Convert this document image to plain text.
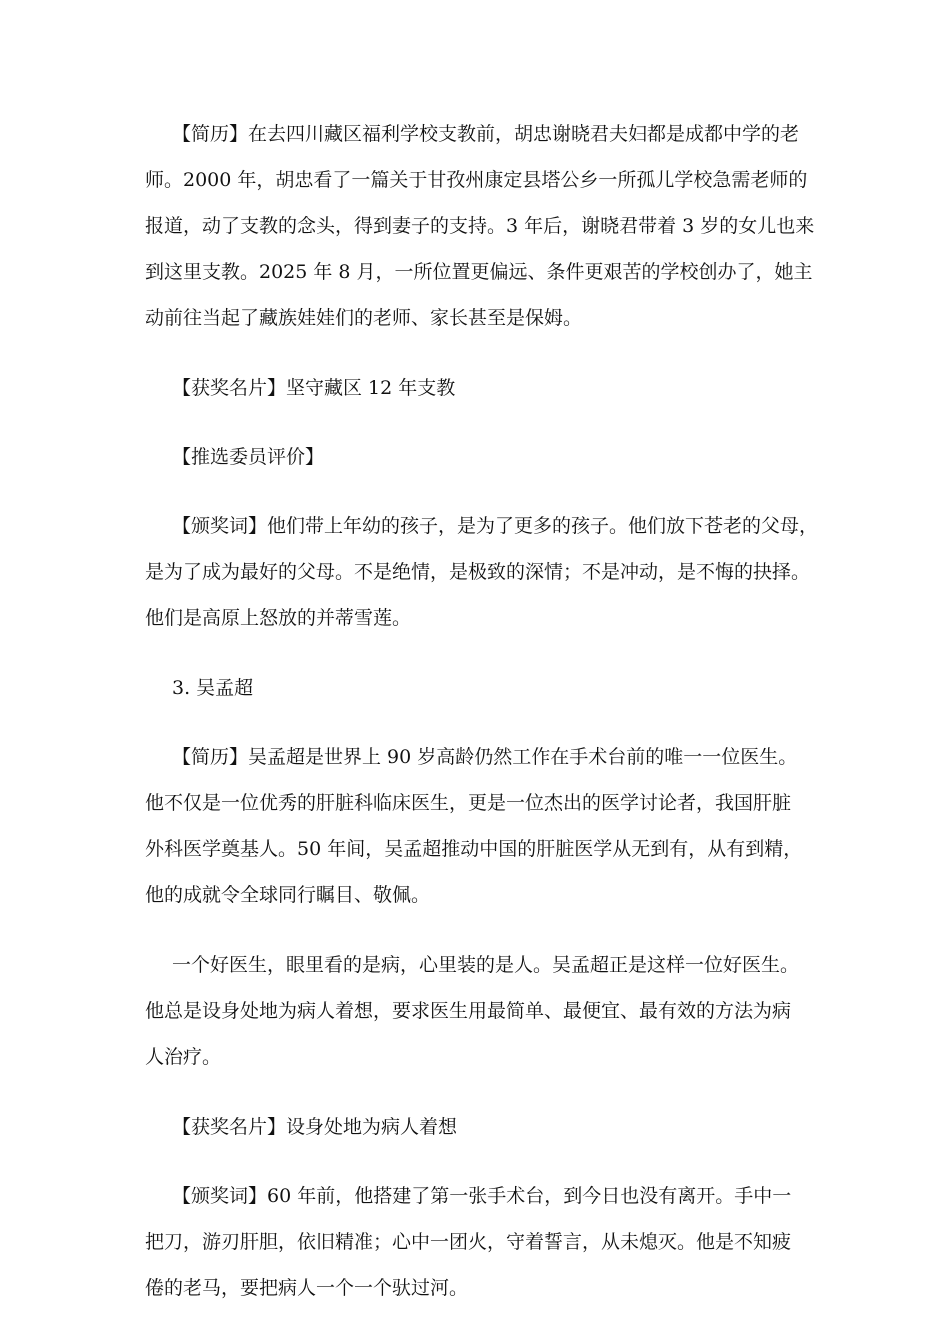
【简历】在去四川藏区福利学校支教前，胡忠谢晓君夫妇都是成都中学的老
师。2000 年，胡忠看了一篇关于甘孜州康定县塔公乡一所孤儿学校急需老师的
报道，动了支教的念头，得到妻子的支持。3 年后，谢晓君带着 3 岁的女儿也来
到这里支教。2025 年 8 月，一所位置更偏远、条件更艰苦的学校创办了，她主
动前往当起了藏族娃娃们的老师、家长甚至是保姆。
【获奖名片】坚守藏区 12 年支教
【推选委员评价】
【颁奖词】他们带上年幼的孩子，是为了更多的孩子。他们放下苍老的父母，
是为了成为最好的父母。不是绝情，是极致的深情；不是冲动，是不悔的抉择。
他们是高原上怒放的并蒂雪莲。
3. 吴孟超
【简历】吴孟超是世界上 90 岁高龄仍然工作在手术台前的唯一一位医生。
他不仅是一位优秀的肝脏科临床医生，更是一位杰出的医学讨论者，我国肝脏
外科医学奠基人。50 年间，吴孟超推动中国的肝脏医学从无到有，从有到精，
他的成就令全球同行瞩目、敬佩。
一个好医生，眼里看的是病，心里装的是人。吴孟超正是这样一位好医生。
他总是设身处地为病人着想，要求医生用最简单、最便宜、最有效的方法为病
人治疗。
【获奖名片】设身处地为病人着想
【颁奖词】60 年前，他搭建了第一张手术台，到今日也没有离开。手中一
把刀，游刃肝胆，依旧精准；心中一团火，守着誓言，从未熄灭。他是不知疲
倦的老马，要把病人一个一个驮过河。
